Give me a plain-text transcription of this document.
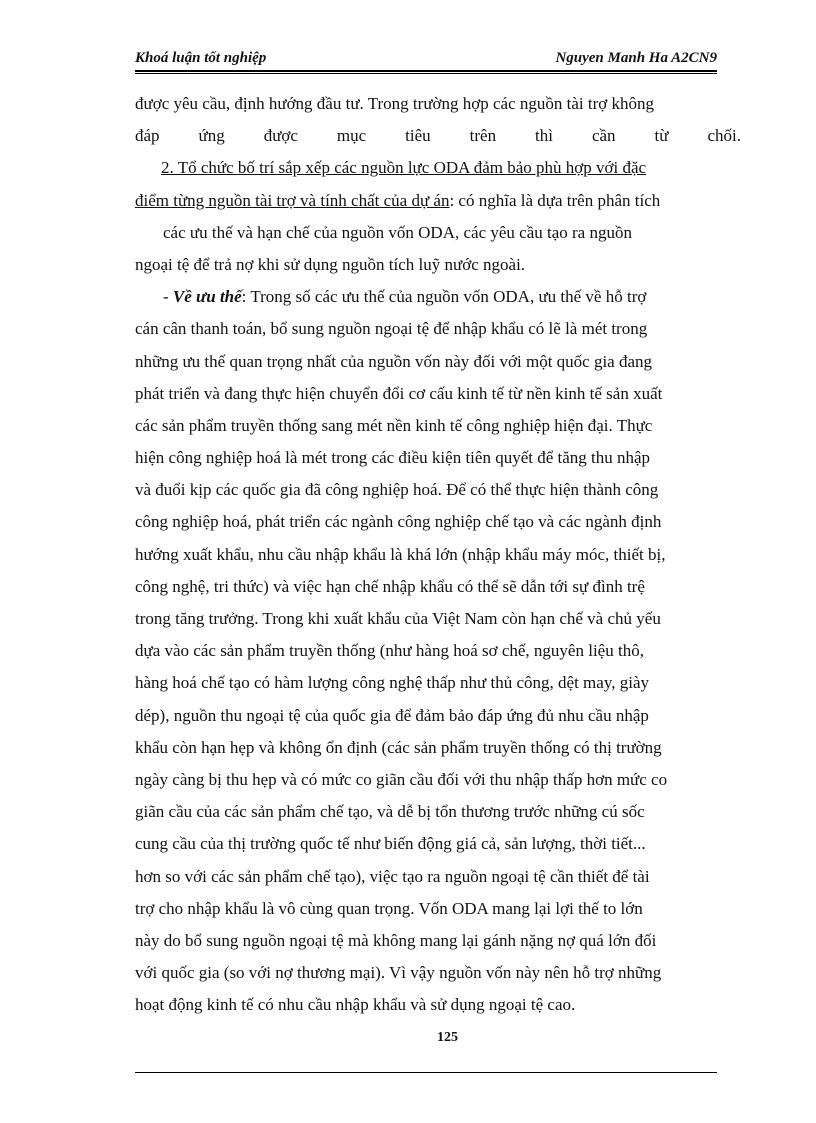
Khoá luận tốt nghiệp	Nguyen Manh Ha A2CN9
được yêu cầu, định hướng đầu tư. Trong trường hợp các nguồn tài trợ không
đáp ứng được mục tiêu trên thì cần từ chối.
2. Tổ chức bố trí sắp xếp các nguồn lực ODA đảm bảo phù hợp với đặc
điểm từng nguồn tài trợ và tính chất của dự án: có nghĩa là dựa trên phân tích
các ưu thế và hạn chế của nguồn vốn ODA, các yêu cầu tạo ra nguồn
ngoại tệ để trả nợ khi sử dụng nguồn tích luỹ nước ngoài.
- Về ưu thế: Trong số các ưu thế của nguồn vốn ODA, ưu thế về hỗ trợ
cán cân thanh toán, bổ sung nguồn ngoại tệ để nhập khẩu có lẽ là mét trong
những ưu thế quan trọng nhất của nguồn vốn này đối với một quốc gia đang
phát triển và đang thực hiện chuyển đổi cơ cấu kinh tế từ nền kinh tế sản xuất
các sản phẩm truyền thống sang mét nền kinh tế công nghiệp hiện đại. Thực
hiện công nghiệp hoá là mét trong các điều kiện tiên quyết để tăng thu nhập
và đuổi kịp các quốc gia đã công nghiệp hoá. Để có thể thực hiện thành công
công nghiệp hoá, phát triển các ngành công nghiệp chế tạo và các ngành định
hướng xuất khẩu, nhu cầu nhập khẩu là khá lớn (nhập khẩu máy móc, thiết bị,
công nghệ, tri thức) và việc hạn chế nhập khẩu có thể sẽ dẫn tới sự đình trệ
trong tăng trưởng. Trong khi xuất khẩu của Việt Nam còn hạn chế và chủ yếu
dựa vào các sản phẩm truyền thống (như hàng hoá sơ chế, nguyên liệu thô,
hàng hoá chế tạo có hàm lượng công nghệ thấp như thủ công, dệt may, giày
dép), nguồn thu ngoại tệ của quốc gia để đảm bảo đáp ứng đủ nhu cầu nhập
khẩu còn hạn hẹp và không ổn định (các sản phẩm truyền thống có thị trường
ngày càng bị thu hẹp và có mức co giãn cầu đối với thu nhập thấp hơn mức co
giãn cầu của các sản phẩm chế tạo, và dễ bị tổn thương trước những cú sốc
cung cầu của thị trường quốc tế như biến động giá cả, sản lượng, thời tiết...
hơn so với các sản phẩm chế tạo), việc tạo ra nguồn ngoại tệ cần thiết để tài
trợ cho nhập khẩu là vô cùng quan trọng. Vốn ODA mang lại lợi thế to lớn
này do bổ sung nguồn ngoại tệ mà không mang lại gánh nặng nợ quá lớn đối
với quốc gia (so với nợ thương mại). Vì vậy nguồn vốn này nên hỗ trợ những
hoạt động kinh tế có nhu cầu nhập khẩu và sử dụng ngoại tệ cao.
125
